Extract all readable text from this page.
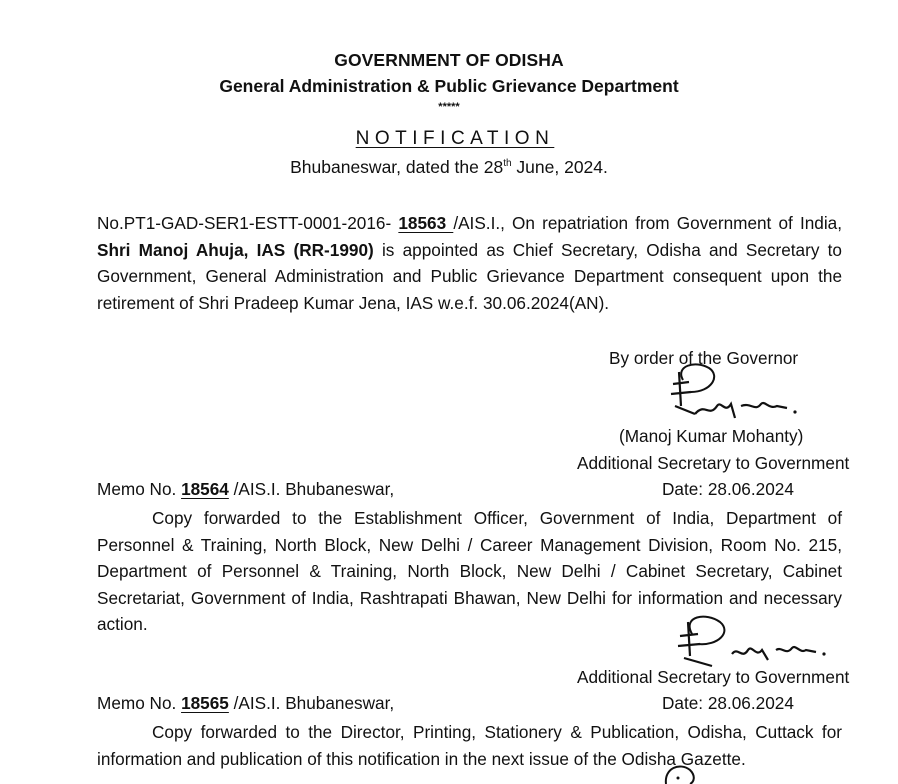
GOVERNMENT OF ODISHA
General Administration & Public Grievance Department
*****
NOTIFICATION
Bhubaneswar, dated the 28th June, 2024.
No.PT1-GAD-SER1-ESTT-0001-2016- 18563 /AIS.I., On repatriation from Government of India, Shri Manoj Ahuja, IAS (RR-1990) is appointed as Chief Secretary, Odisha and Secretary to Government, General Administration and Public Grievance Department consequent upon the retirement of Shri Pradeep Kumar Jena, IAS w.e.f. 30.06.2024(AN).
By order of the Governor
(Manoj Kumar Mohanty)
Additional Secretary to Government
Memo No. 18564 /AIS.I. Bhubaneswar,	Date: 28.06.2024
Copy forwarded to the Establishment Officer, Government of India, Department of Personnel & Training, North Block, New Delhi / Career Management Division, Room No. 215, Department of Personnel & Training, North Block, New Delhi / Cabinet Secretary, Cabinet Secretariat, Government of India, Rashtrapati Bhawan, New Delhi for information and necessary action.
Additional Secretary to Government
Memo No. 18565 /AIS.I. Bhubaneswar,	Date: 28.06.2024
Copy forwarded to the Director, Printing, Stationery & Publication, Odisha, Cuttack for information and publication of this notification in the next issue of the Odisha Gazette.
